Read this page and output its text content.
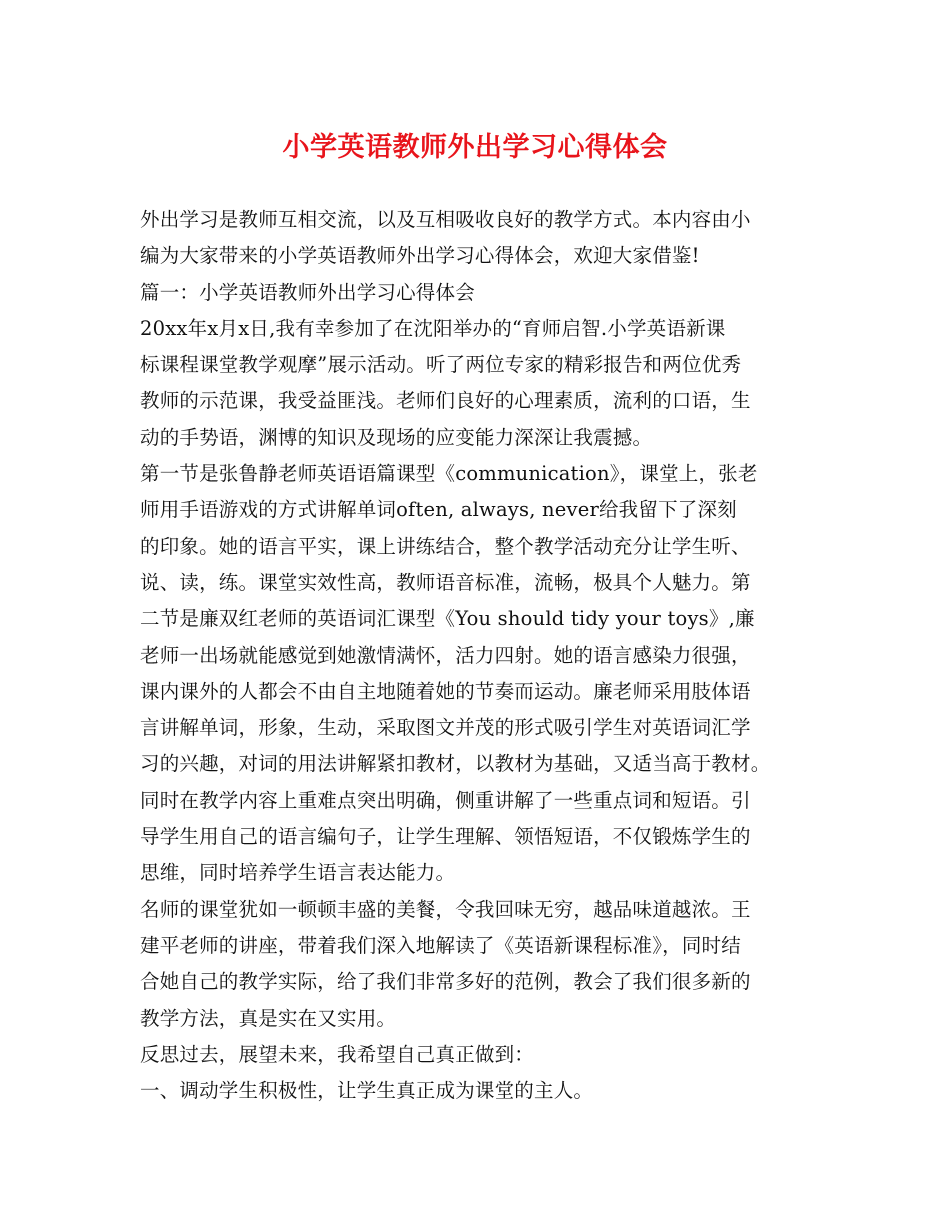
小学英语教师外出学习心得体会
外出学习是教师互相交流，以及互相吸收良好的教学方式。本内容由小
编为大家带来的小学英语教师外出学习心得体会，欢迎大家借鉴!
篇一：小学英语教师外出学习心得体会
20xx年x月x日,我有幸参加了在沈阳举办的“育师启智.小学英语新课
标课程课堂教学观摩”展示活动。听了两位专家的精彩报告和两位优秀
教师的示范课，我受益匪浅。老师们良好的心理素质，流利的口语，生
动的手势语，渊博的知识及现场的应变能力深深让我震撼。
第一节是张鲁静老师英语语篇课型《communication》，课堂上，张老
师用手语游戏的方式讲解单词often, always, never给我留下了深刻
的印象。她的语言平实，课上讲练结合，整个教学活动充分让学生听、
说、读，练。课堂实效性高，教师语音标准，流畅，极具个人魅力。第
二节是廉双红老师的英语词汇课型《You should tidy your toys》,廉
老师一出场就能感觉到她激情满怀，活力四射。她的语言感染力很强，
课内课外的人都会不由自主地随着她的节奏而运动。廉老师采用肢体语
言讲解单词，形象，生动，采取图文并茂的形式吸引学生对英语词汇学
习的兴趣，对词的用法讲解紧扣教材，以教材为基础，又适当高于教材。
同时在教学内容上重难点突出明确，侧重讲解了一些重点词和短语。引
导学生用自己的语言编句子，让学生理解、领悟短语，不仅锻炼学生的
思维，同时培养学生语言表达能力。
名师的课堂犹如一顿顿丰盛的美餐，令我回味无穷，越品味道越浓。王
建平老师的讲座，带着我们深入地解读了《英语新课程标准》，同时结
合她自己的教学实际，给了我们非常多好的范例，教会了我们很多新的
教学方法，真是实在又实用。
反思过去，展望未来，我希望自己真正做到：
一、调动学生积极性，让学生真正成为课堂的主人。
